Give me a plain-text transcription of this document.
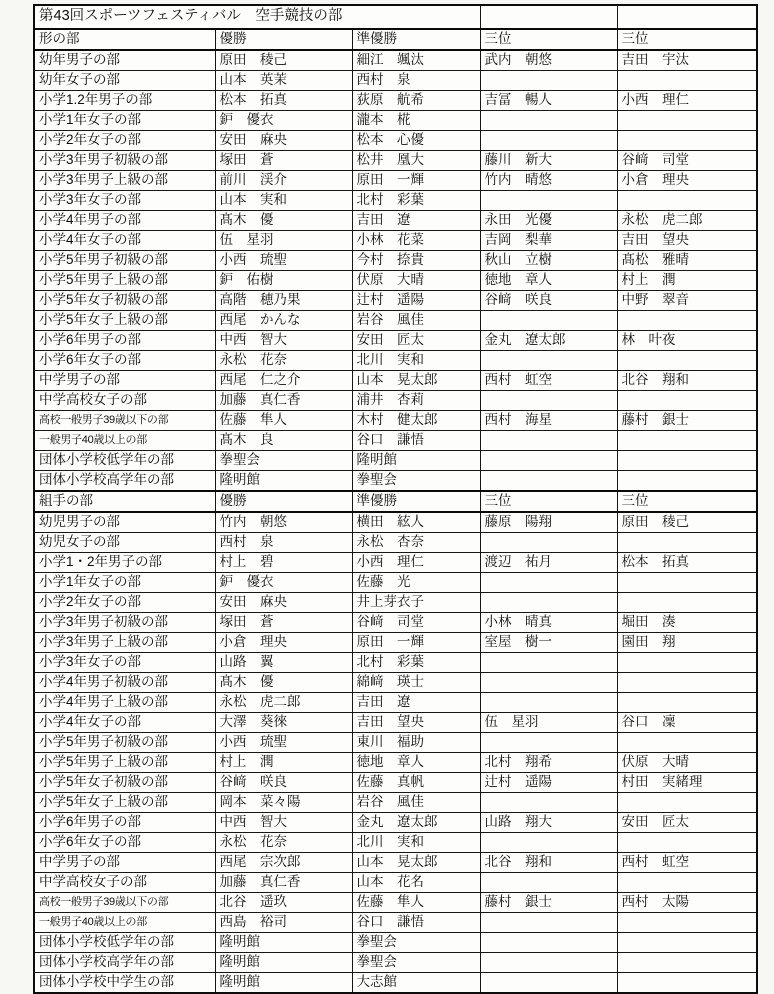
第43回スポーツフェスティバル　空手競技の部				
形の部	優勝	準優勝	三位	三位
幼年男子の部	原田　稜己	細江　颯汰	武内　朝悠	吉田　宇汰
幼年女子の部	山本　英茉	西村　泉		
小学1.2年男子の部	松本　拓真	荻原　航希	吉冨　暢人	小西　理仁
小学1年女子の部	鈩　優衣	瀧本　椛		
小学2年女子の部	安田　麻央	松本　心優		
小学3年男子初級の部	塚田　蒼	松井　凰大	藤川　新大	谷﨑　司堂
小学3年男子上級の部	前川　渓介	原田　一輝	竹内　晴悠	小倉　理央
小学3年女子の部	山本　実和	北村　彩葉		
小学4年男子の部	髙木　優	吉田　遼	永田　光優	永松　虎二郎
小学4年女子の部	伍　星羽	小林　花菜	吉岡　梨華	吉田　望央
小学5年男子初級の部	小西　琉聖	今村　捺貴	秋山　立樹	髙松　雅晴
小学5年男子上級の部	鈩　佑樹	伏原　大晴	徳地　章人	村上　潤
小学5年女子初級の部	高階　穂乃果	辻村　遥陽	谷﨑　咲良	中野　翠音
小学5年女子上級の部	西尾　かんな	岩谷　風佳		
小学6年男子の部	中西　智大	安田　匠太	金丸　遼太郎	林　叶夜
小学6年女子の部	永松　花奈	北川　実和		
中学男子の部	西尾　仁之介	山本　晃太郎	西村　虹空	北谷　翔和
中学高校女子の部	加藤　真仁香	浦井　杏莉		
高校一般男子39歳以下の部	佐藤　隼人	木村　健太郎	西村　海星	藤村　銀士
一般男子40歳以上の部	髙木　良	谷口　謙悟		
団体小学校低学年の部	拳聖会	隆明館		
団体小学校高学年の部	隆明館	拳聖会		
組手の部	優勝	準優勝	三位	三位
幼児男子の部	竹内　朝悠	横田　絃人	藤原　陽翔	原田　稜己
幼児女子の部	西村　泉	永松　杏奈		
小学1・2年男子の部	村上　碧	小西　理仁	渡辺　祐月	松本　拓真
小学1年女子の部	鈩　優衣	佐藤　光		
小学2年女子の部	安田　麻央	井上芽衣子		
小学3年男子初級の部	塚田　蒼	谷﨑　司堂	小林　晴真	堀田　湊
小学3年男子上級の部	小倉　理央	原田　一輝	室屋　樹一	園田　翔
小学3年女子の部	山路　翼	北村　彩葉		
小学4年男子初級の部	髙木　優	綿﨑　瑛士		
小学4年男子上級の部	永松　虎二郎	吉田　遼		
小学4年女子の部	大澤　葵徠	吉田　望央	伍　星羽	谷口　凜
小学5年男子初級の部	小西　琉聖	東川　福助		
小学5年男子上級の部	村上　潤	徳地　章人	北村　翔希	伏原　大晴
小学5年女子初級の部	谷﨑　咲良	佐藤　真帆	辻村　遥陽	村田　実緒理
小学5年女子上級の部	岡本　菜々陽	岩谷　風佳		
小学6年男子の部	中西　智大	金丸　遼太郎	山路　翔大	安田　匠太
小学6年女子の部	永松　花奈	北川　実和		
中学男子の部	西尾　宗次郎	山本　晃太郎	北谷　翔和	西村　虹空
中学高校女子の部	加藤　真仁香	山本　花名		
高校一般男子39歳以下の部	北谷　遥玖	佐藤　隼人	藤村　銀士	西村　太陽
一般男子40歳以上の部	西島　裕司	谷口　謙悟		
団体小学校低学年の部	隆明館	拳聖会		
団体小学校高学年の部	隆明館	拳聖会		
団体小学校中学生の部	隆明館	大志館		
